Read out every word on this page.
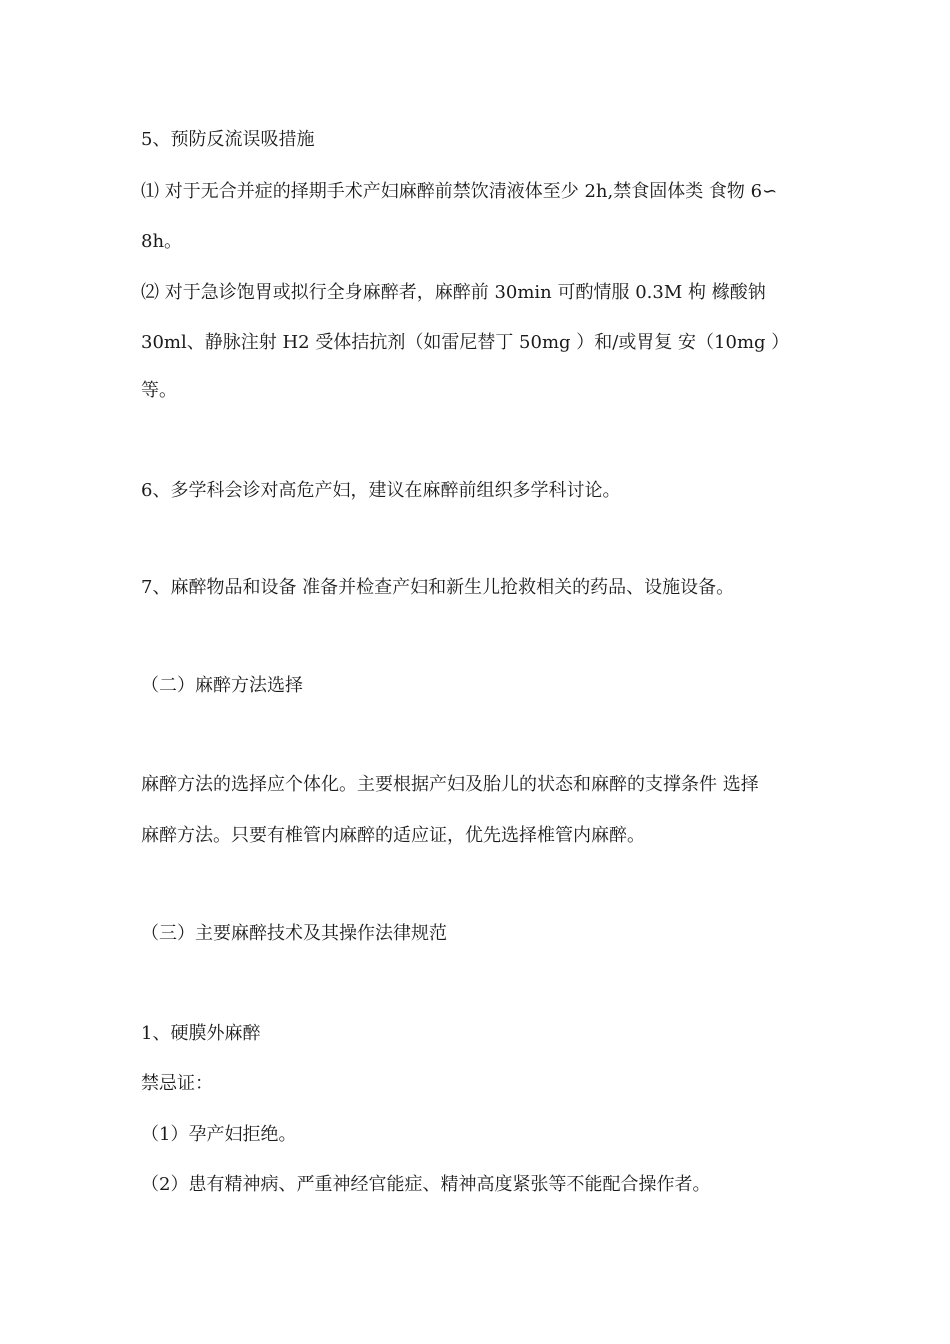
5、预防反流误吸措施
⑴ 对于无合并症的择期手术产妇麻醉前禁饮清液体至少 2h,禁食固体类 食物 6∽
8h。
⑵ 对于急诊饱胃或拟行全身麻醉者，麻醉前 30min 可酌情服 0.3M 枸 橼酸钠
30ml、静脉注射 H2 受体拮抗剂（如雷尼替丁 50mg ）和/或胃复 安（10mg ）
等。
6、多学科会诊对高危产妇，建议在麻醉前组织多学科讨论。
7、麻醉物品和设备 准备并检查产妇和新生儿抢救相关的药品、设施设备。
（二）麻醉方法选择
麻醉方法的选择应个体化。主要根据产妇及胎儿的状态和麻醉的支撑条件 选择
麻醉方法。只要有椎管内麻醉的适应证，优先选择椎管内麻醉。
（三）主要麻醉技术及其操作法律规范
1、硬膜外麻醉
禁忌证：
（1）孕产妇拒绝。
（2）患有精神病、严重神经官能症、精神高度紧张等不能配合操作者。
